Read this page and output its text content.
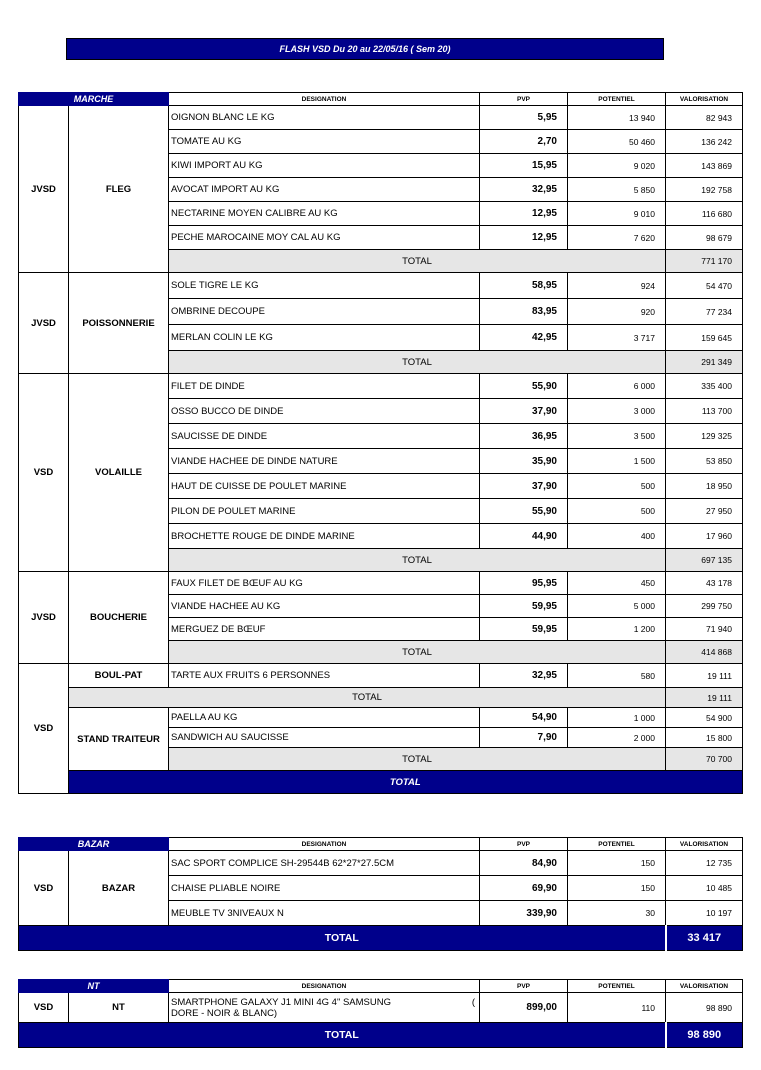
FLASH VSD Du 20 au 22/05/16 ( Sem 20)
MARCHE		DESIGNATION	PVP	POTENTIEL	VALORISATION	
JVSD	FLEG	OIGNON BLANC LE KG	5,95	13 940	82 943	
		TOMATE AU KG	2,70	50 460	136 242	
		KIWI IMPORT AU KG	15,95	9 020	143 869	
		AVOCAT IMPORT AU KG	32,95	5 850	192 758	
		NECTARINE MOYEN CALIBRE AU KG	12,95	9 010	116 680	
		PECHE MAROCAINE MOY CAL AU KG	12,95	7 620	98 679	
		TOTAL			771 170	
JVSD	POISSONNERIE	SOLE TIGRE LE KG	58,95	924	54 470	
		OMBRINE DECOUPE	83,95	920	77 234	
		MERLAN COLIN LE KG	42,95	3 717	159 645	
		TOTAL			291 349	
VSD	VOLAILLE	FILET DE DINDE	55,90	6 000	335 400	
		OSSO BUCCO DE DINDE	37,90	3 000	113 700	
		SAUCISSE DE DINDE	36,95	3 500	129 325	
		VIANDE HACHEE DE DINDE NATURE	35,90	1 500	53 850	
		HAUT DE CUISSE DE POULET MARINE	37,90	500	18 950	
		PILON DE POULET MARINE	55,90	500	27 950	
		BROCHETTE ROUGE DE DINDE MARINE	44,90	400	17 960	
		TOTAL			697 135	
JVSD	BOUCHERIE	FAUX FILET DE BŒUF AU KG	95,95	450	43 178	
		VIANDE HACHEE AU KG	59,95	5 000	299 750	
		MERGUEZ DE BŒUF	59,95	1 200	71 940	
		TOTAL			414 868	
VSD	BOUL-PAT	TARTE AUX FRUITS 6 PERSONNES	32,95	580	19 111	
	TOTAL				19 111	
	STAND TRAITEUR	PAELLA AU KG	54,90	1 000	54 900	
		SANDWICH AU SAUCISSE	7,90	2 000	15 800	
		TOTAL			70 700	
	TOTAL	
BAZAR		DESIGNATION	PVP	POTENTIEL	VALORISATION
VSD	BAZAR	SAC SPORT COMPLICE SH-29544B 62*27*27.5CM	84,90	150	12 735
		CHAISE PLIABLE NOIRE	69,90	150	10 485
		MEUBLE TV 3NIVEAUX N	339,90	30	10 197
TOTAL					33 417
NT		DESIGNATION	PVP	POTENTIEL	VALORISATION
VSD	NT	SMARTPHONE GALAXY J1 MINI 4G 4" SAMSUNG (
DORE - NOIR & BLANC)	899,00	110	98 890
TOTAL					98 890
